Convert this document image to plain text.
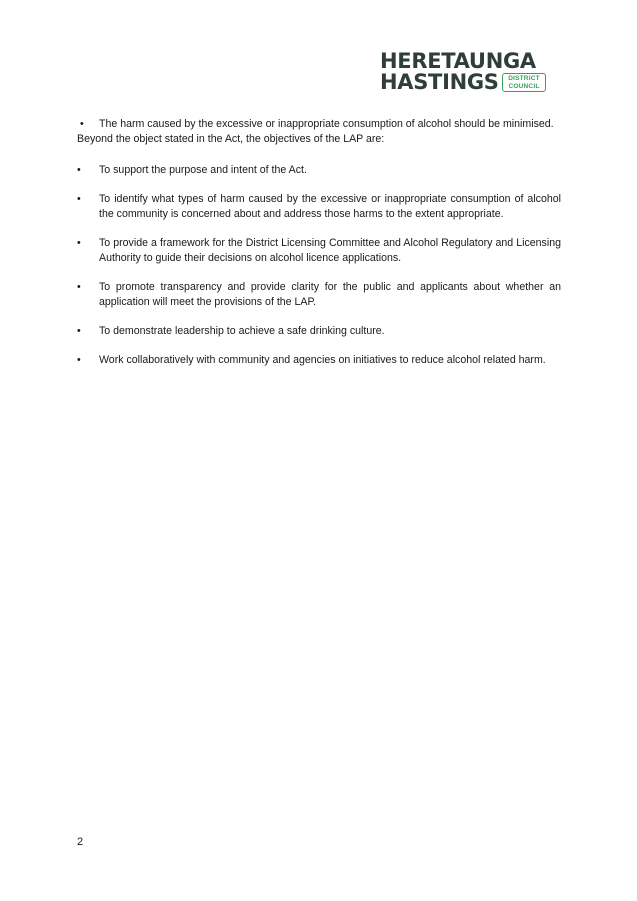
HERETAUNGA
HASTINGS	DISTRICT
COUNCIL
• The harm caused by the excessive or inappropriate consumption of alcohol should be minimised.
Beyond the object stated in the Act, the objectives of the LAP are:
• To support the purpose and intent of the Act.
• To identify what types of harm caused by the excessive or inappropriate consumption of alcohol the community is concerned about and address those harms to the extent appropriate.
• To provide a framework for the District Licensing Committee and Alcohol Regulatory and Licensing Authority to guide their decisions on alcohol licence applications.
• To promote transparency and provide clarity for the public and applicants about whether an application will meet the provisions of the LAP.
• To demonstrate leadership to achieve a safe drinking culture.
• Work collaboratively with community and agencies on initiatives to reduce alcohol related harm.
2
